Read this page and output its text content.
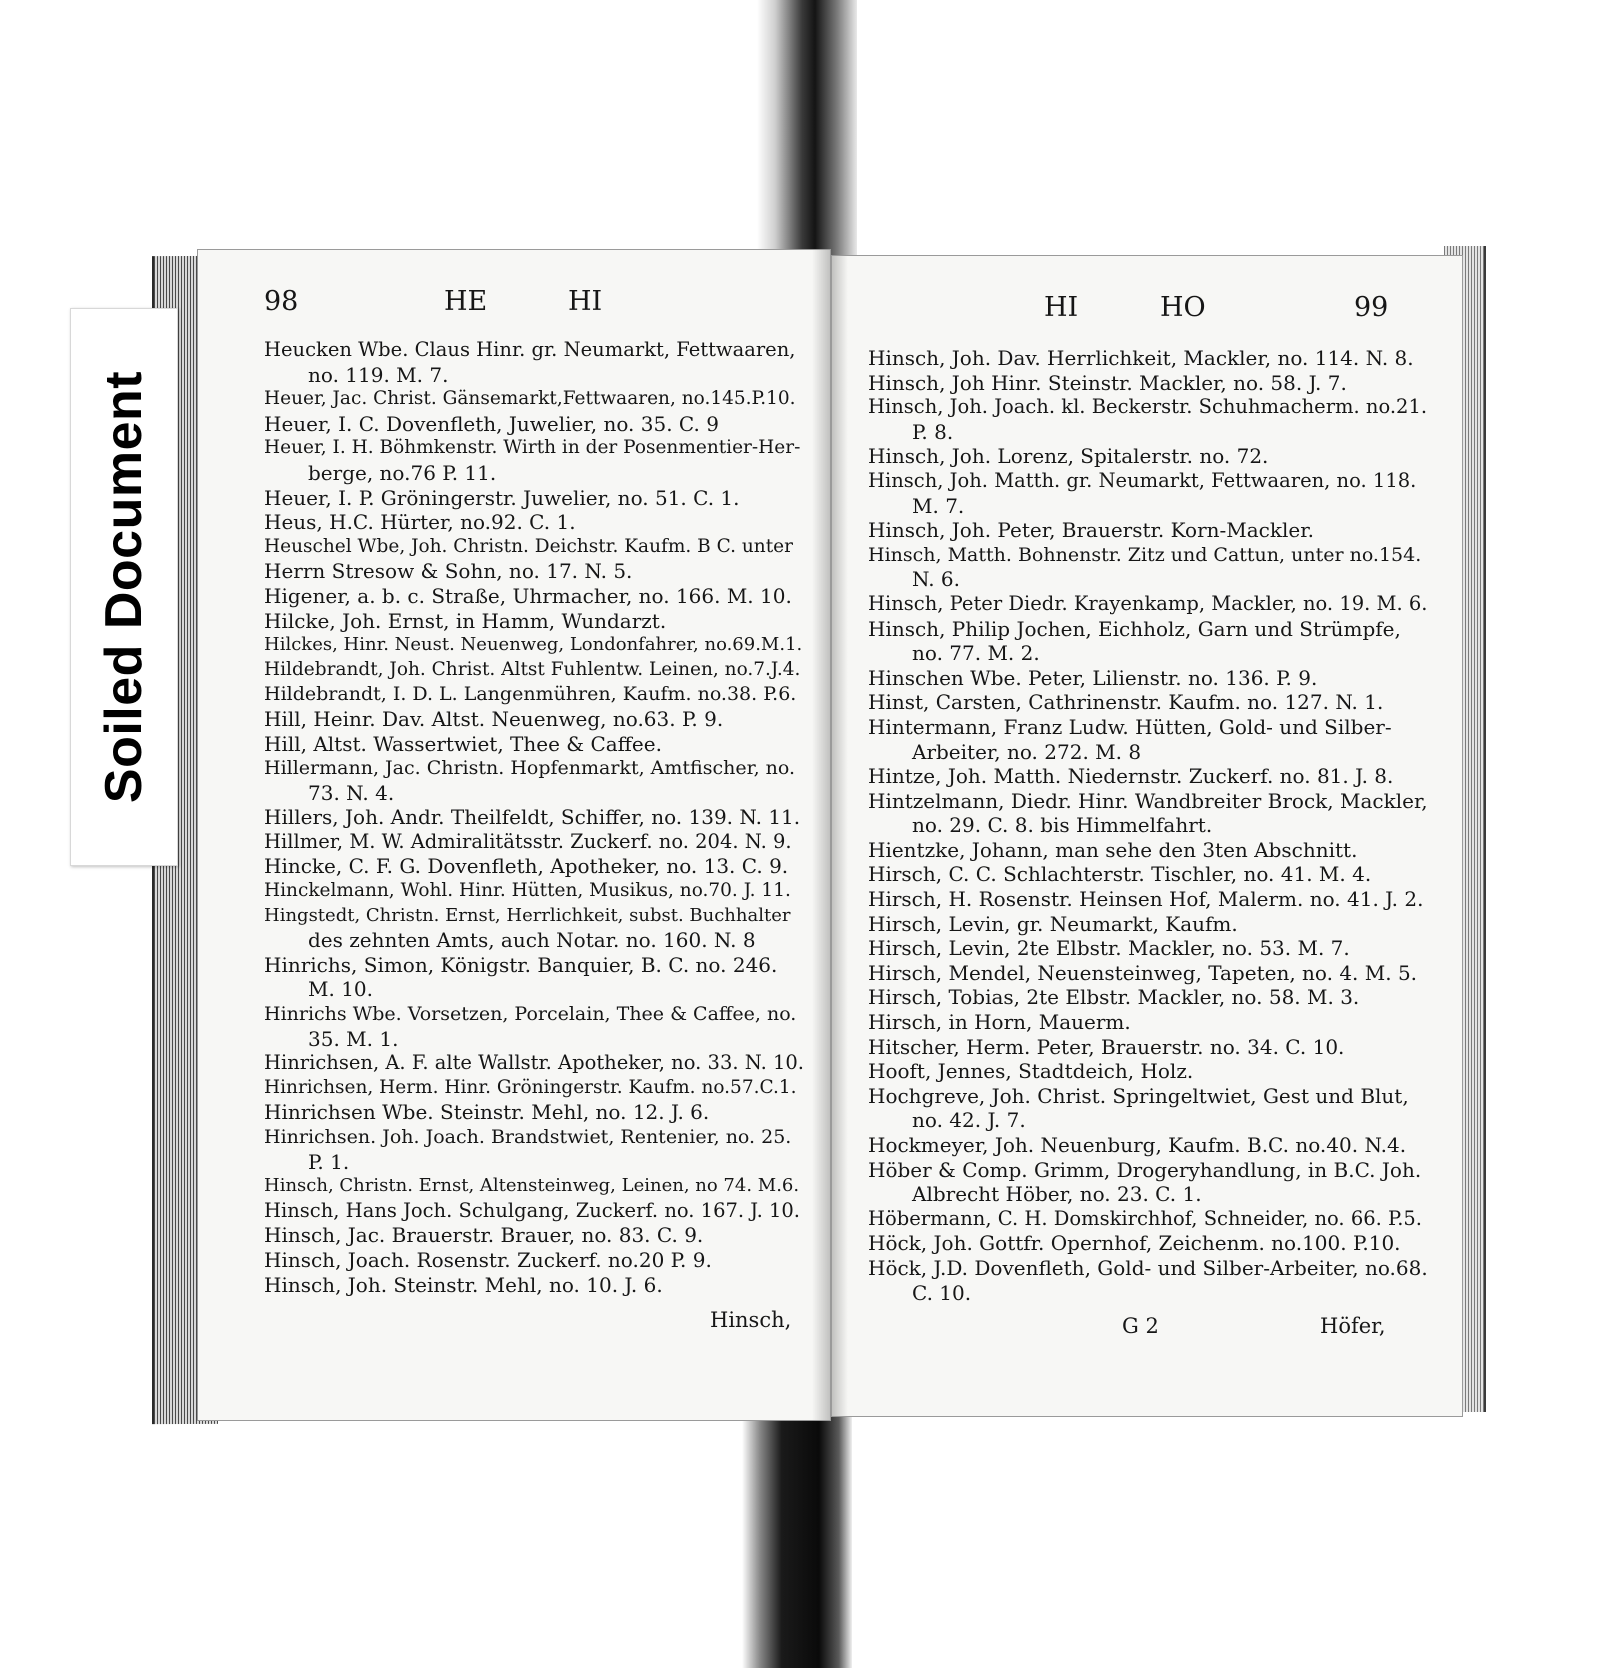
98	HE	HI
Heucken Wbe. Claus Hinr. gr. Neumarkt, Fettwaaren,
no. 119. M. 7.
Heuer, Jac. Christ. Gänsemarkt,Fettwaaren, no.145.P.10.
Heuer, I. C. Dovenfleth, Juwelier, no. 35. C. 9
Heuer, I. H. Böhmkenstr. Wirth in der Posenmentier-Her-
berge, no.76 P. 11.
Heuer, I. P. Gröningerstr. Juwelier, no. 51. C. 1.
Heus, H.C. Hürter, no.92. C. 1.
Heuschel Wbe, Joh. Christn. Deichstr. Kaufm. B C. unter
Herrn Stresow & Sohn, no. 17. N. 5.
Higener, a. b. c. Straße, Uhrmacher, no. 166. M. 10.
Hilcke, Joh. Ernst, in Hamm, Wundarzt.
Hilckes, Hinr. Neust. Neuenweg, Londonfahrer, no.69.M.1.
Hildebrandt, Joh. Christ. Altst Fuhlentw. Leinen, no.7.J.4.
Hildebrandt, I. D. L. Langenmühren, Kaufm. no.38. P.6.
Hill, Heinr. Dav. Altst. Neuenweg, no.63. P. 9.
Hill, Altst. Wassertwiet, Thee & Caffee.
Hillermann, Jac. Christn. Hopfenmarkt, Amtfischer, no.
73. N. 4.
Hillers, Joh. Andr. Theilfeldt, Schiffer, no. 139. N. 11.
Hillmer, M. W. Admiralitätsstr. Zuckerf. no. 204. N. 9.
Hincke, C. F. G. Dovenfleth, Apotheker, no. 13. C. 9.
Hinckelmann, Wohl. Hinr. Hütten, Musikus, no.70. J. 11.
Hingstedt, Christn. Ernst, Herrlichkeit, subst. Buchhalter
des zehnten Amts, auch Notar. no. 160. N. 8
Hinrichs, Simon, Königstr. Banquier, B. C. no. 246.
M. 10.
Hinrichs Wbe. Vorsetzen, Porcelain, Thee & Caffee, no.
35. M. 1.
Hinrichsen, A. F. alte Wallstr. Apotheker, no. 33. N. 10.
Hinrichsen, Herm. Hinr. Gröningerstr. Kaufm. no.57.C.1.
Hinrichsen Wbe. Steinstr. Mehl, no. 12. J. 6.
Hinrichsen. Joh. Joach. Brandstwiet, Rentenier, no. 25.
P. 1.
Hinsch, Christn. Ernst, Altensteinweg, Leinen, no 74. M.6.
Hinsch, Hans Joch. Schulgang, Zuckerf. no. 167. J. 10.
Hinsch, Jac. Brauerstr. Brauer, no. 83. C. 9.
Hinsch, Joach. Rosenstr. Zuckerf. no.20 P. 9.
Hinsch, Joh. Steinstr. Mehl, no. 10. J. 6.
Hinsch,
HI	HO	99
Hinsch, Joh. Dav. Herrlichkeit, Mackler, no. 114. N. 8.
Hinsch, Joh Hinr. Steinstr. Mackler, no. 58. J. 7.
Hinsch, Joh. Joach. kl. Beckerstr. Schuhmacherm. no.21.
P. 8.
Hinsch, Joh. Lorenz, Spitalerstr. no. 72.
Hinsch, Joh. Matth. gr. Neumarkt, Fettwaaren, no. 118.
M. 7.
Hinsch, Joh. Peter, Brauerstr. Korn-Mackler.
Hinsch, Matth. Bohnenstr. Zitz und Cattun, unter no.154.
N. 6.
Hinsch, Peter Diedr. Krayenkamp, Mackler, no. 19. M. 6.
Hinsch, Philip Jochen, Eichholz, Garn und Strümpfe,
no. 77. M. 2.
Hinschen Wbe. Peter, Lilienstr. no. 136. P. 9.
Hinst, Carsten, Cathrinenstr. Kaufm. no. 127. N. 1.
Hintermann, Franz Ludw. Hütten, Gold- und Silber-
Arbeiter, no. 272. M. 8
Hintze, Joh. Matth. Niedernstr. Zuckerf. no. 81. J. 8.
Hintzelmann, Diedr. Hinr. Wandbreiter Brock, Mackler,
no. 29. C. 8. bis Himmelfahrt.
Hientzke, Johann, man sehe den 3ten Abschnitt.
Hirsch, C. C. Schlachterstr. Tischler, no. 41. M. 4.
Hirsch, H. Rosenstr. Heinsen Hof, Malerm. no. 41. J. 2.
Hirsch, Levin, gr. Neumarkt, Kaufm.
Hirsch, Levin, 2te Elbstr. Mackler, no. 53. M. 7.
Hirsch, Mendel, Neuensteinweg, Tapeten, no. 4. M. 5.
Hirsch, Tobias, 2te Elbstr. Mackler, no. 58. M. 3.
Hirsch, in Horn, Mauerm.
Hitscher, Herm. Peter, Brauerstr. no. 34. C. 10.
Hooft, Jennes, Stadtdeich, Holz.
Hochgreve, Joh. Christ. Springeltwiet, Gest und Blut,
no. 42. J. 7.
Hockmeyer, Joh. Neuenburg, Kaufm. B.C. no.40. N.4.
Höber & Comp. Grimm, Drogeryhandlung, in B.C. Joh.
Albrecht Höber, no. 23. C. 1.
Höbermann, C. H. Domskirchhof, Schneider, no. 66. P.5.
Höck, Joh. Gottfr. Opernhof, Zeichenm. no.100. P.10.
Höck, J.D. Dovenfleth, Gold- und Silber-Arbeiter, no.68.
C. 10.
G 2	Höfer,
Soiled Document
